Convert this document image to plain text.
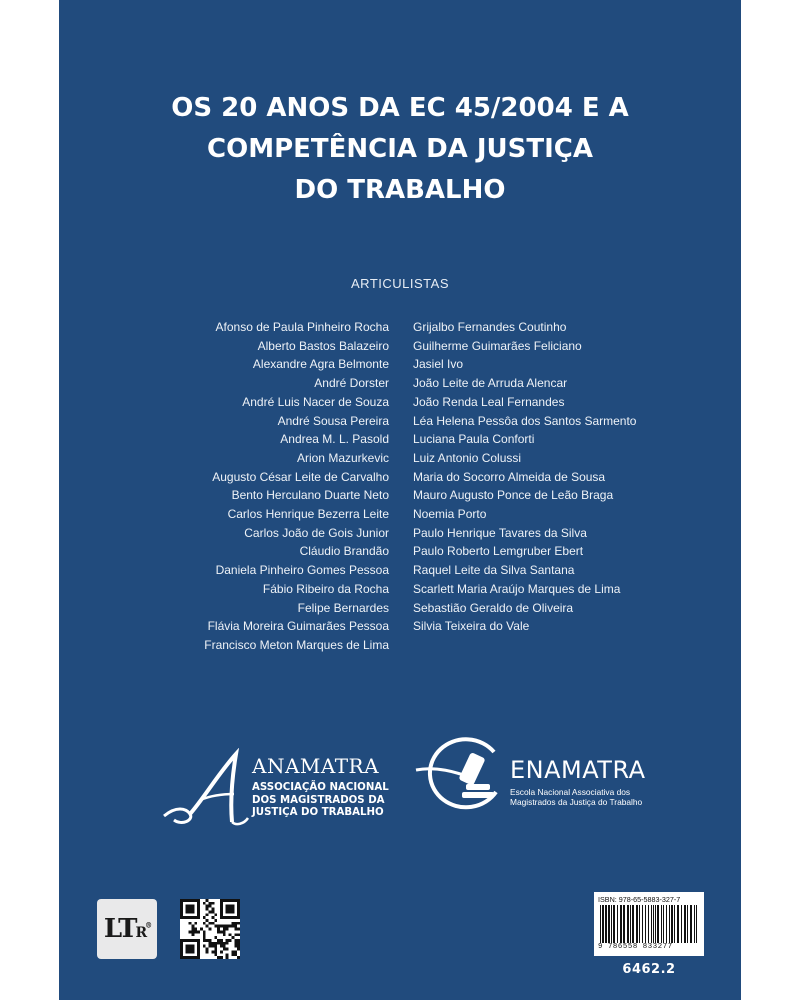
OS 20 ANOS DA EC 45/2004 E A
COMPETÊNCIA DA JUSTIÇA
DO TRABALHO
ARTICULISTAS
Afonso de Paula Pinheiro Rocha
Alberto Bastos Balazeiro
Alexandre Agra Belmonte
André Dorster
André Luis Nacer de Souza
André Sousa Pereira
Andrea M. L. Pasold
Arion Mazurkevic
Augusto César Leite de Carvalho
Bento Herculano Duarte Neto
Carlos Henrique Bezerra Leite
Carlos João de Gois Junior
Cláudio Brandão
Daniela Pinheiro Gomes Pessoa
Fábio Ribeiro da Rocha
Felipe Bernardes
Flávia Moreira Guimarães Pessoa
Francisco Meton Marques de Lima
Grijalbo Fernandes Coutinho
Guilherme Guimarães Feliciano
Jasiel Ivo
João Leite de Arruda Alencar
João Renda Leal Fernandes
Léa Helena Pessôa dos Santos Sarmento
Luciana Paula Conforti
Luiz Antonio Colussi
Maria do Socorro Almeida de Sousa
Mauro Augusto Ponce de Leão Braga
Noemia Porto
Paulo Henrique Tavares da Silva
Paulo Roberto Lemgruber Ebert
Raquel Leite da Silva Santana
Scarlett Maria Araújo Marques de Lima
Sebastião Geraldo de Oliveira
Silvia Teixeira do Vale
ANAMATRA
ASSOCIAÇÃO NACIONAL
DOS MAGISTRADOS DA
JUSTIÇA DO TRABALHO
ENAMATRA
Escola Nacional Associativa dos
Magistrados da Justiça do Trabalho
LTR®
ISBN: 978-65-5883-327-7
9 786558 833277
6462.2
